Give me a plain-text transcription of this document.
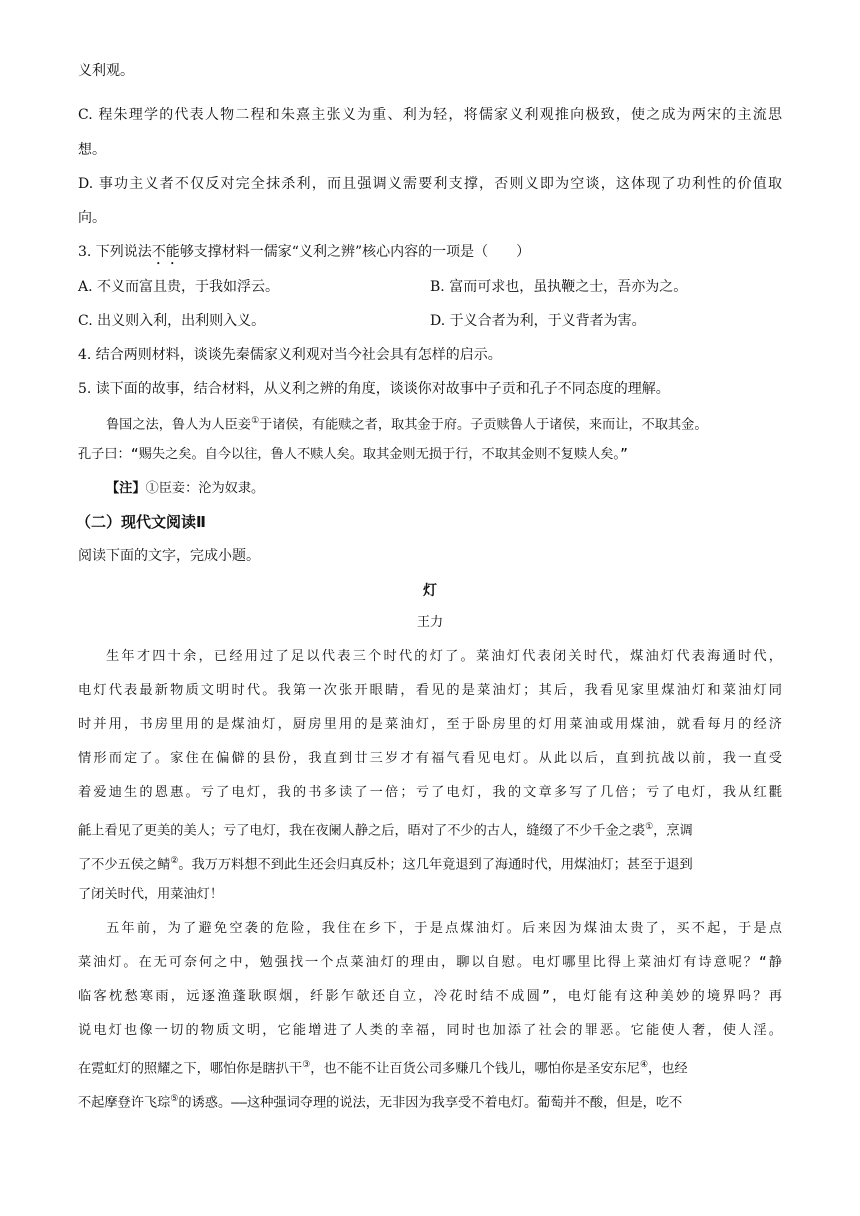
义利观。
C. 程朱理学的代表人物二程和朱熹主张义为重、利为轻，将儒家义利观推向极致，使之成为两宋的主流思
想。
D. 事功主义者不仅反对完全抹杀利，而且强调义需要利支撑，否则义即为空谈，这体现了功利性的价值取
向。
3. 下列说法不能够支撑材料一儒家“义利之辨”核心内容的一项是（　　）
A. 不义而富且贵，于我如浮云。	B. 富而可求也，虽执鞭之士，吾亦为之。
C. 出义则入利，出利则入义。	D. 于义合者为利，于义背者为害。
4. 结合两则材料，谈谈先秦儒家义利观对当今社会具有怎样的启示。
5. 读下面的故事，结合材料，从义利之辨的角度，谈谈你对故事中子贡和孔子不同态度的理解。
鲁国之法，鲁人为人臣妾①于诸侯，有能赎之者，取其金于府。子贡赎鲁人于诸侯，来而让，不取其金。
孔子曰：“赐失之矣。自今以往，鲁人不赎人矣。取其金则无损于行，不取其金则不复赎人矣。”
【注】①臣妾：沦为奴隶。
（二）现代文阅读Ⅱ
阅读下面的文字，完成小题。
灯
王力
生年才四十余，已经用过了足以代表三个时代的灯了。菜油灯代表闭关时代，煤油灯代表海通时代，
电灯代表最新物质文明时代。我第一次张开眼睛，看见的是菜油灯；其后，我看见家里煤油灯和菜油灯同
时并用，书房里用的是煤油灯，厨房里用的是菜油灯，至于卧房里的灯用菜油或用煤油，就看每月的经济
情形而定了。家住在偏僻的县份，我直到廿三岁才有福气看见电灯。从此以后，直到抗战以前，我一直受
着爱迪生的恩惠。亏了电灯，我的书多读了一倍；亏了电灯，我的文章多写了几倍；亏了电灯，我从红氍
毹上看见了更美的美人；亏了电灯，我在夜阑人静之后，晤对了不少的古人，缝缀了不少千金之裘①，烹调
了不少五侯之鲭②。我万万料想不到此生还会归真反朴；这几年竟退到了海通时代，用煤油灯；甚至于退到
了闭关时代，用菜油灯！
五年前，为了避免空袭的危险，我住在乡下，于是点煤油灯。后来因为煤油太贵了，买不起，于是点
菜油灯。在无可奈何之中，勉强找一个点菜油灯的理由，聊以自慰。电灯哪里比得上菜油灯有诗意呢？“静
临客枕愁寒雨，远逐渔蓬耿暝烟，纤影乍欹还自立，冷花时结不成圆”，电灯能有这种美妙的境界吗？再
说电灯也像一切的物质文明，它能增进了人类的幸福，同时也加添了社会的罪恶。它能使人奢，使人淫。
在霓虹灯的照耀之下，哪怕你是瞎扒干③，也不能不让百货公司多赚几个钱儿，哪怕你是圣安东尼④，也经
不起摩登许飞琮⑤的诱惑。——这种强词夺理的说法，无非因为我享受不着电灯。葡萄并不酸，但是，吃不
